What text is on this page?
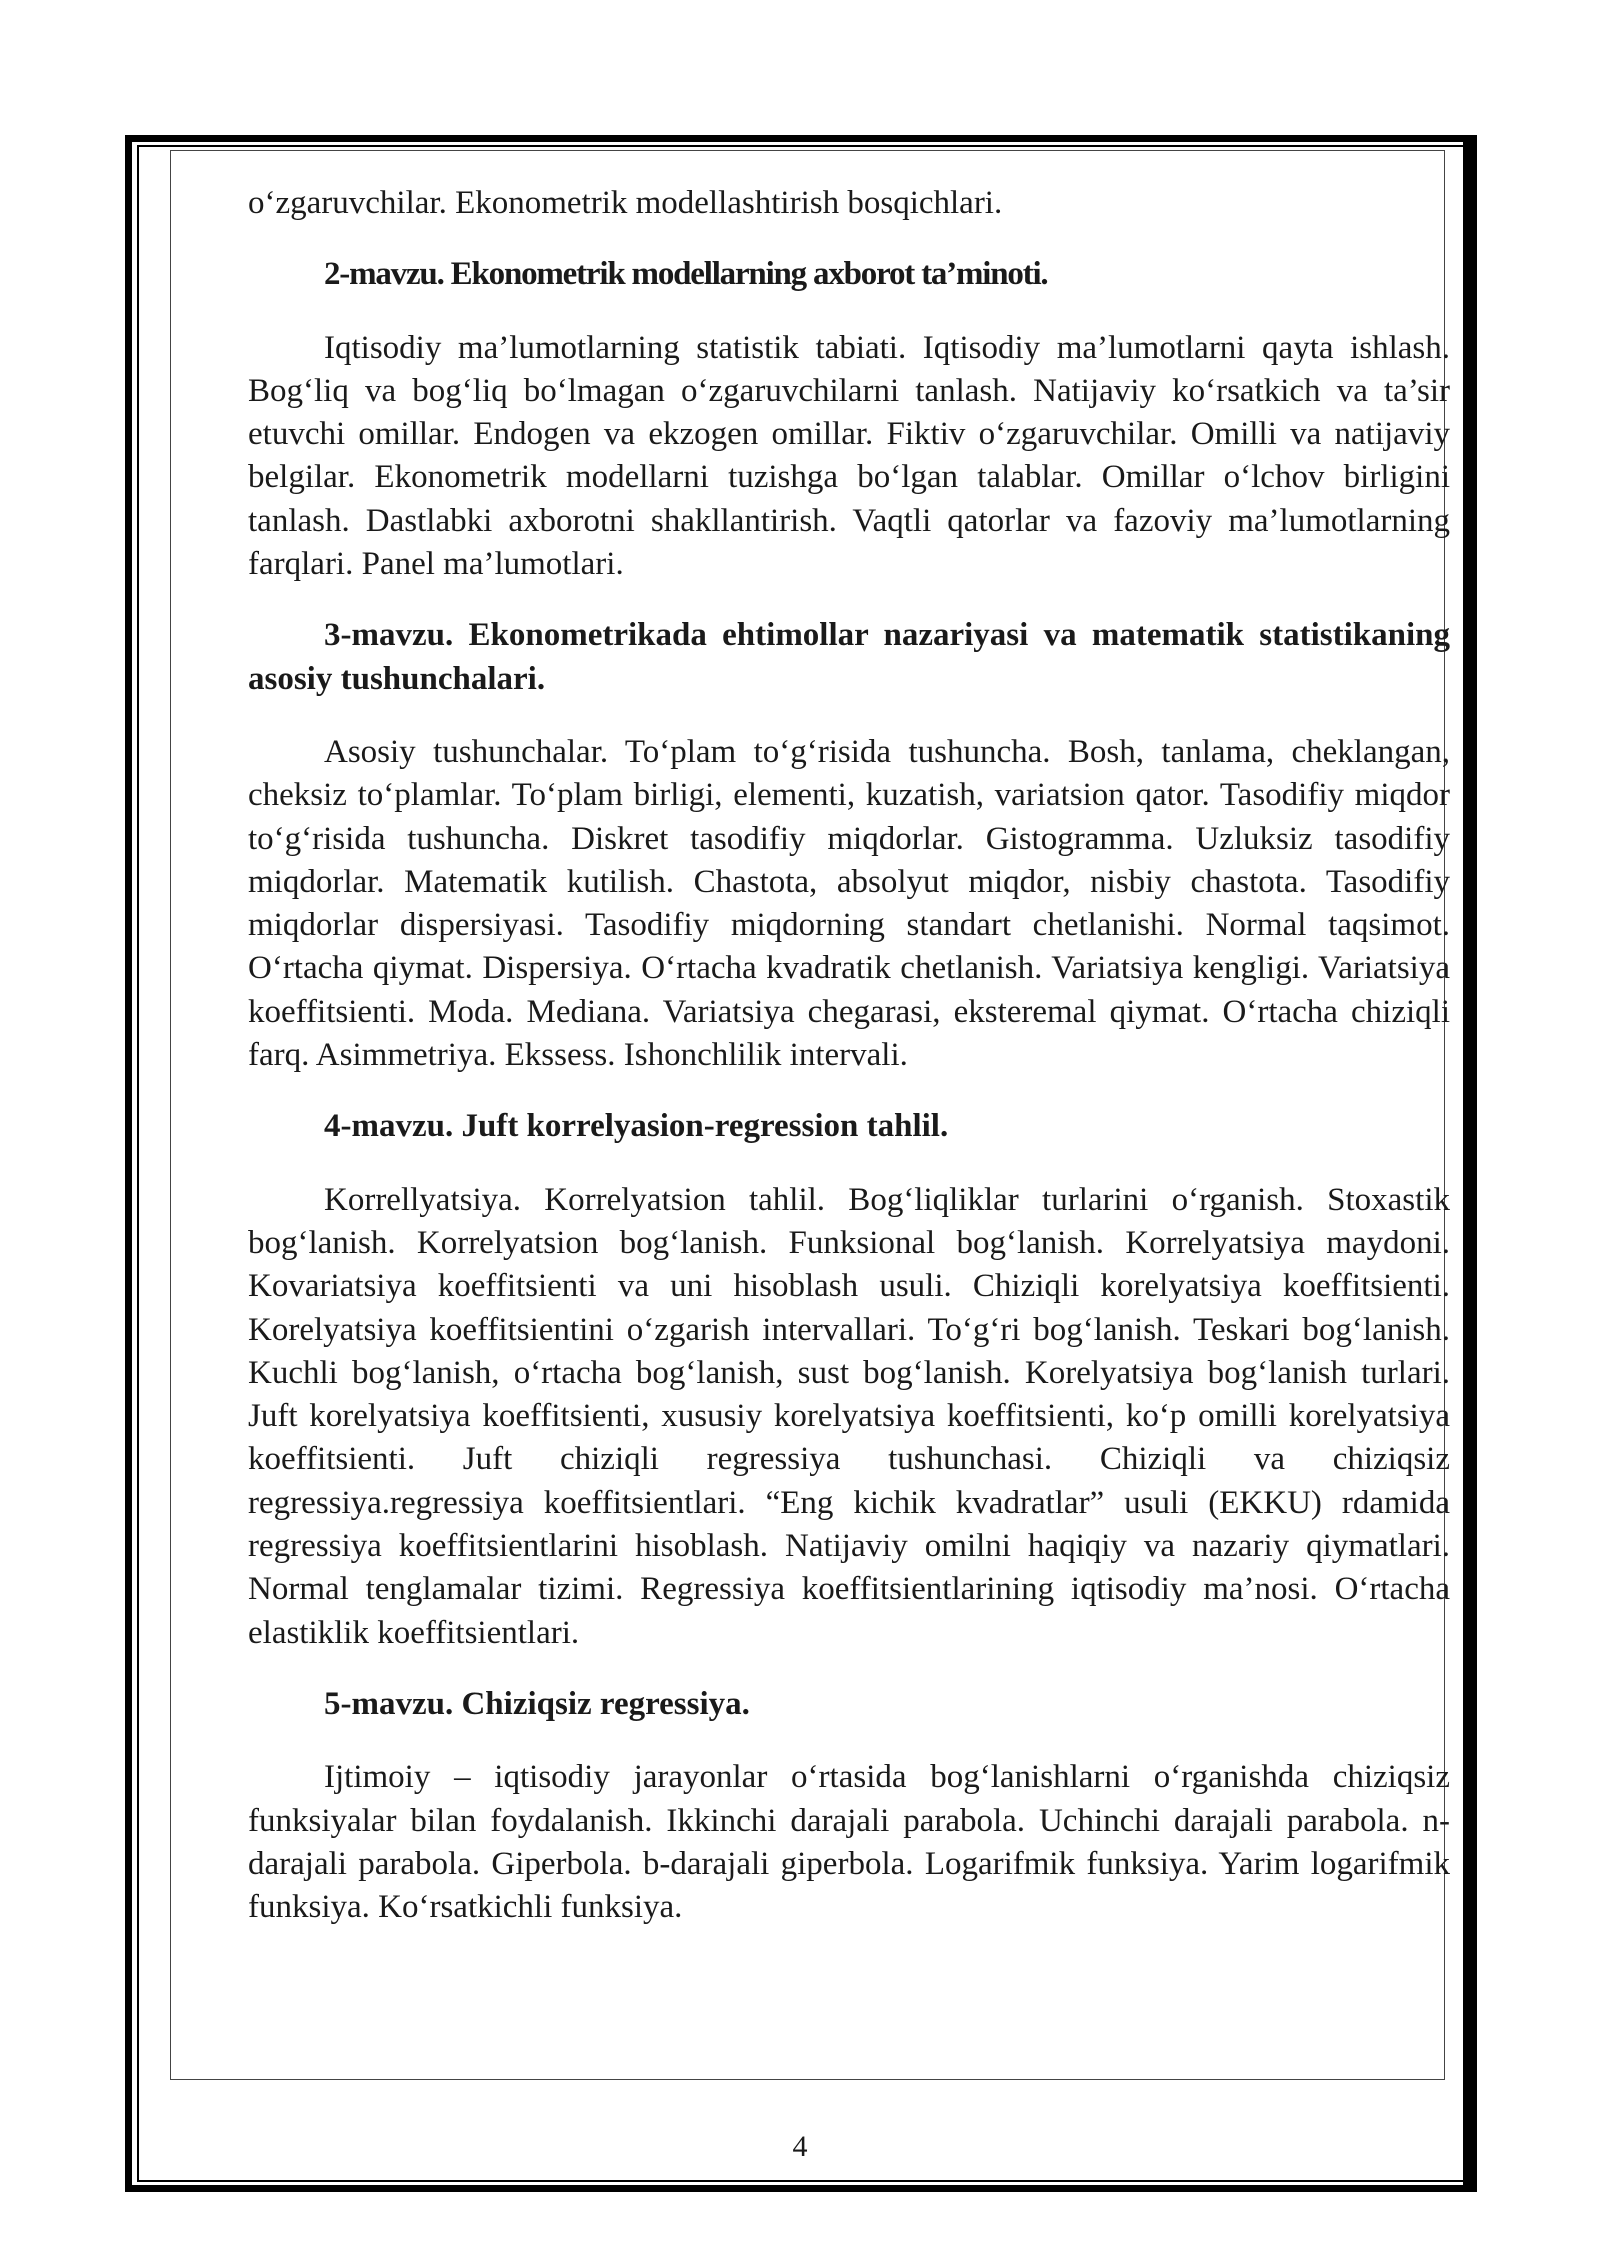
o‘zgaruvchilar. Ekonometrik modellashtirish bosqichlari.

2-mavzu. Ekonometrik modellarning axborot ta’minoti.

Iqtisodiy ma’lumotlarning statistik tabiati. Iqtisodiy ma’lumotlarni qayta ishlash. Bog‘liq va bog‘liq bo‘lmagan o‘zgaruvchilarni tanlash. Natijaviy ko‘rsatkich va ta’sir etuvchi omillar. Endogen va ekzogen omillar. Fiktiv o‘zgaruvchilar. Omilli va natijaviy belgilar. Ekonometrik modellarni tuzishga bo‘lgan talablar. Omillar o‘lchov birligini tanlash. Dastlabki axborotni shakllantirish. Vaqtli qatorlar va fazoviy ma’lumotlarning farqlari. Panel ma’lumotlari.

3-mavzu. Ekonometrikada ehtimollar nazariyasi va matematik statistikaning asosiy tushunchalari.

Asosiy tushunchalar. To‘plam to‘g‘risida tushuncha. Bosh, tanlama, cheklangan, cheksiz to‘plamlar. To‘plam birligi, elementi, kuzatish, variatsion qator. Tasodifiy miqdor to‘g‘risida tushuncha. Diskret tasodifiy miqdorlar. Gistogramma. Uzluksiz tasodifiy miqdorlar. Matematik kutilish. Chastota, absolyut miqdor, nisbiy chastota. Tasodifiy miqdorlar dispersiyasi. Tasodifiy miqdorning standart chetlanishi. Normal taqsimot. O‘rtacha qiymat. Dispersiya. O‘rtacha kvadratik chetlanish. Variatsiya kengligi. Variatsiya koeffitsienti. Moda. Mediana. Variatsiya chegarasi, eksteremal qiymat. O‘rtacha chiziqli farq. Asimmetriya. Ekssess. Ishonchlilik intervali.

4-mavzu. Juft korrelyasion-regression tahlil.

Korrellyatsiya. Korrelyatsion tahlil. Bog‘liqliklar turlarini o‘rganish. Stoxastik bog‘lanish. Korrelyatsion bog‘lanish. Funksional bog‘lanish. Korrelyatsiya maydoni. Kovariatsiya koeffitsienti va uni hisoblash usuli. Chiziqli korelyatsiya koeffitsienti. Korelyatsiya koeffitsientini o‘zgarish intervallari. To‘g‘ri bog‘lanish. Teskari bog‘lanish. Kuchli bog‘lanish, o‘rtacha bog‘lanish, sust bog‘lanish. Korelyatsiya bog‘lanish turlari. Juft korelyatsiya koeffitsienti, xususiy korelyatsiya koeffitsienti, ko‘p omilli korelyatsiya koeffitsienti. Juft chiziqli regressiya tushunchasi. Chiziqli va chiziqsiz regressiya.regressiya koeffitsientlari. “Eng kichik kvadratlar” usuli (EKKU) rdamida regressiya koeffitsientlarini hisoblash. Natijaviy omilni haqiqiy va nazariy qiymatlari. Normal tenglamalar tizimi. Regressiya koeffitsientlarining iqtisodiy ma’nosi. O‘rtacha elastiklik koeffitsientlari.

5-mavzu. Chiziqsiz regressiya.

Ijtimoiy – iqtisodiy jarayonlar o‘rtasida bog‘lanishlarni o‘rganishda chiziqsiz funksiyalar bilan foydalanish. Ikkinchi darajali parabola. Uchinchi darajali parabola. n-darajali parabola. Giperbola. b-darajali giperbola. Logarifmik funksiya. Yarim logarifmik funksiya. Ko‘rsatkichli funksiya.

4
